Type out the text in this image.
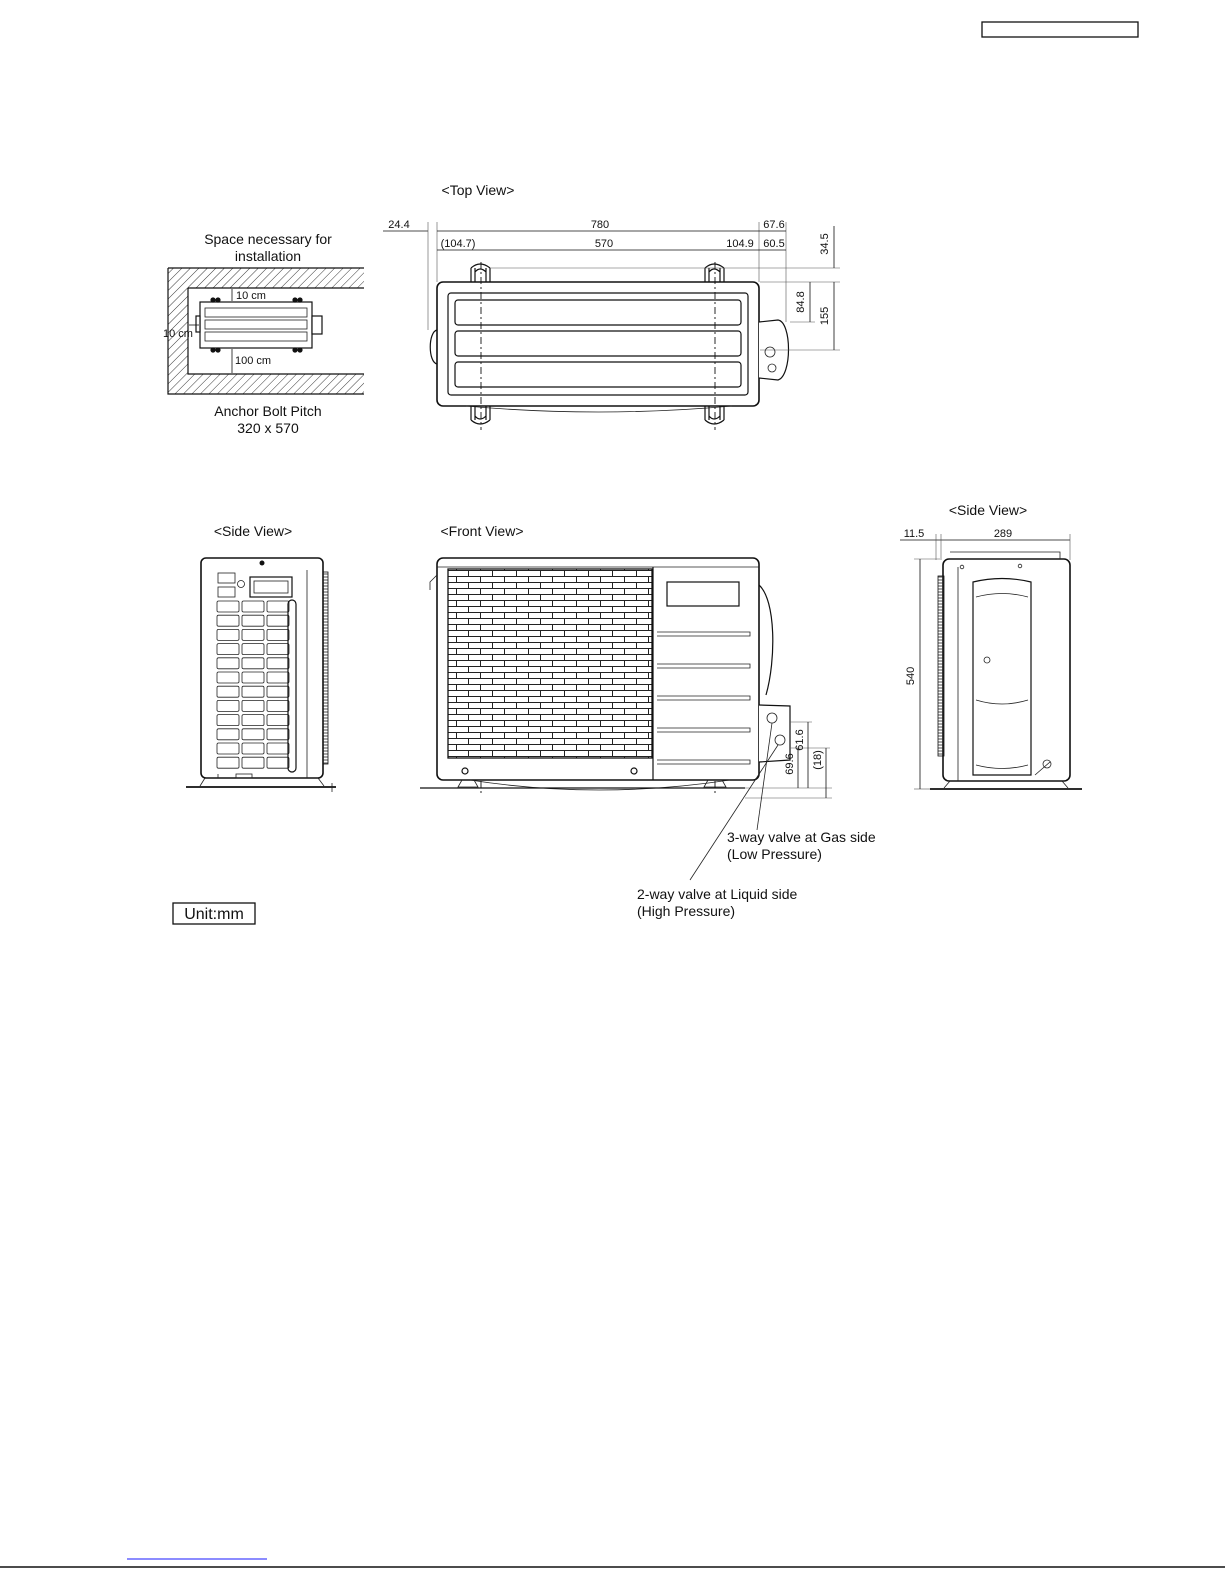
Space necessary for
installation
10 cm
10 cm
100 cm
Anchor Bolt Pitch
320 x 570
<Top View>
24.4	780	67.6
(104.7)	570	104.9 60.5	34.5
84.8
155
<Side View>	<Front View>
61.6
69.6 (18)
<Side View>
11.5	289
540
3-way valve at Gas side
(Low Pressure)
2-way valve at Liquid side
(High Pressure)
Unit:mm
